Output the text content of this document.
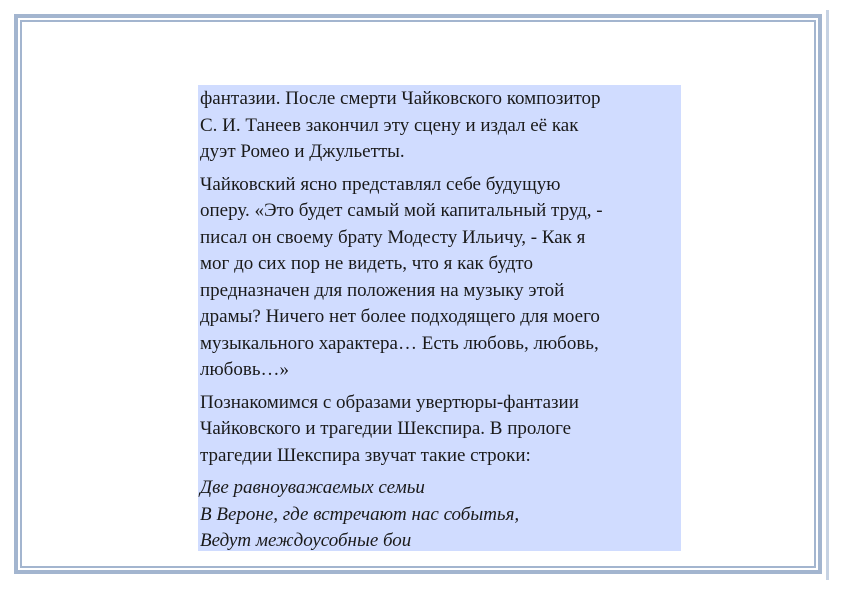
фантазии. После смерти Чайковского композитор
С. И. Танеев закончил эту сцену и издал её как
дуэт Ромео и Джульетты.

Чайковский ясно представлял себе будущую
оперу. «Это будет самый мой капитальный труд, -
писал он своему брату Модесту Ильичу, - Как я
мог до сих пор не видеть, что я как будто
предназначен для положения на музыку этой
драмы? Ничего нет более подходящего для моего
музыкального характера… Есть любовь, любовь,
любовь…»

Познакомимся с образами увертюры-фантазии
Чайковского и трагедии Шекспира. В прологе
трагедии Шекспира звучат такие строки:

Две равноуважаемых семьи
В Вероне, где встречают нас событья,
Ведут междоусобные бои
